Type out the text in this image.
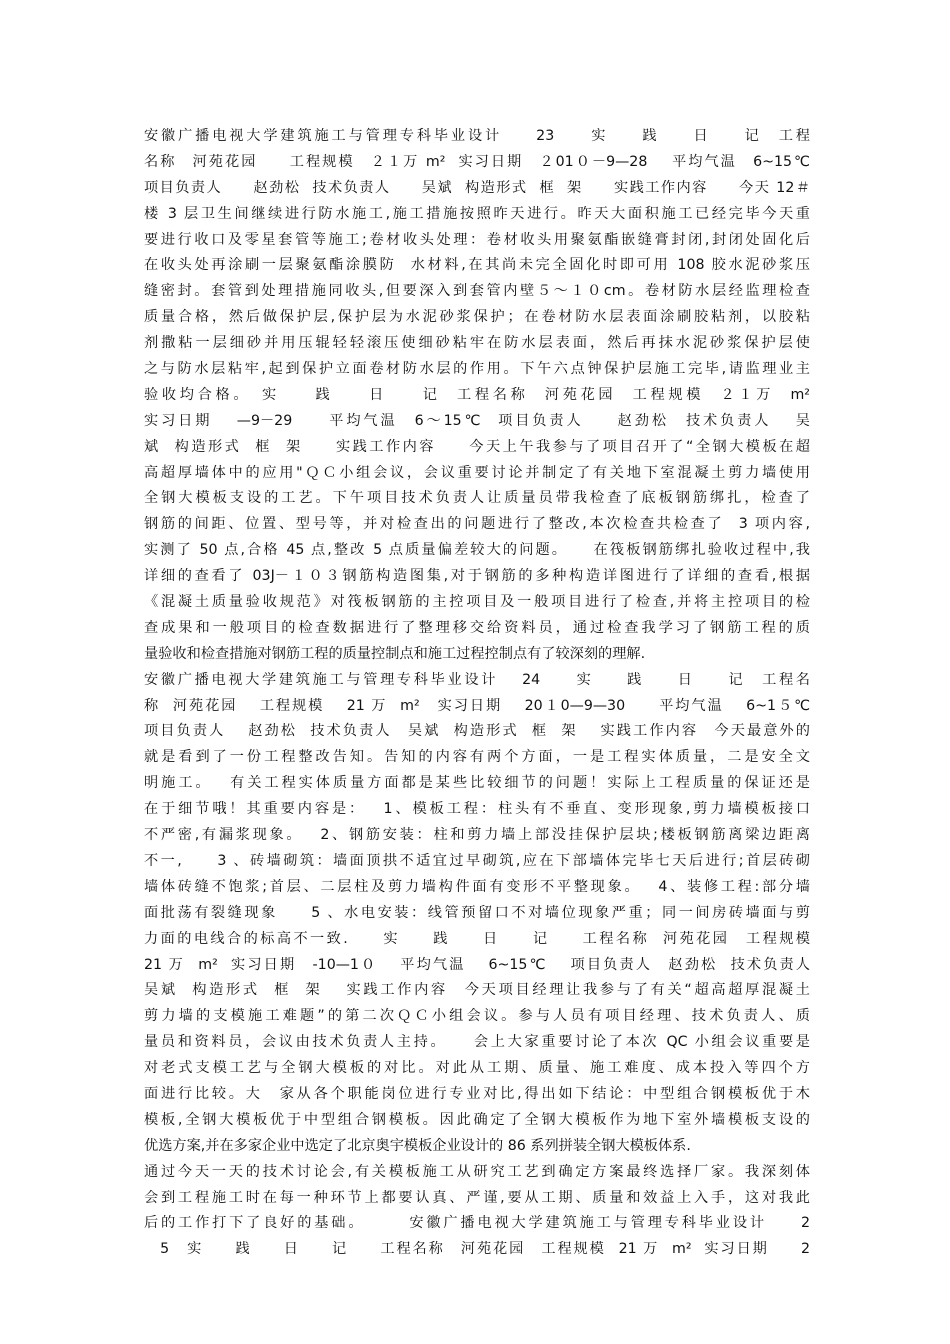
安徽广播电视大学建筑施工与管理专科毕业设计　　23　　实　　践　　日　　记　工程
名称　河苑花园　　工程规模　２１万 m²  实习日期　２01０－9—28　 平均气温　6~15℃
项目负责人　　赵劲松  技术负责人　　吴斌  构造形式  框  架　　实践工作内容　　今天 12＃
楼 3 层卫生间继续进行防水施工,施工措施按照昨天进行。昨天大面积施工已经完毕今天重
要进行收口及零星套管等施工;卷材收头处理：卷材收头用聚氨酯嵌缝膏封闭,封闭处固化后
在收头处再涂刷一层聚氨酯涂膜防  水材料,在其尚未完全固化时即可用 108 胶水泥砂浆压
缝密封。套管到处理措施同收头,但要深入到套管内壁５～１０cm。卷材防水层经监理检查
质量合格，然后做保护层,保护层为水泥砂浆保护；在卷材防水层表面涂刷胶粘剂，以胶粘
剂撒粘一层细砂并用压辊轻轻滚压使细砂粘牢在防水层表面，然后再抹水泥砂浆保护层使
之与防水层粘牢,起到保护立面卷材防水层的作用。下午六点钟保护层施工完毕,请监理业主
验收均合格。　实　　践　　日　　记  工程名称  河苑花园  工程规模  ２１万  m²
实习日期　 —9－29　　平均气温　6～15℃  项目负责人　　赵劲松　技术负责人　 吴
斌  构造形式  框  架　　实践工作内容　　今天上午我参与了项目召开了“全钢大模板在超
高超厚墙体中的应用"ＱＣ小组会议，会议重要讨论并制定了有关地下室混凝土剪力墙使用
全钢大模板支设的工艺。下午项目技术负责人让质量员带我检查了底板钢筋绑扎，检查了
钢筋的间距、位置、型号等，并对检查出的问题进行了整改,本次检查共检查了  3 项内容,
实测了 50 点,合格 45 点,整改 5 点质量偏差较大的问题。　　在筏板钢筋绑扎验收过程中,我
详细的查看了 03J－１０３钢筋构造图集,对于钢筋的多种构造详图进行了详细的查看,根据
《混凝土质量验收规范》对筏板钢筋的主控项目及一般项目进行了检查,并将主控项目的检
查成果和一般项目的检查数据进行了整理移交给资料员，通过检查我学习了钢筋工程的质
量验收和检查措施对钢筋工程的质量控制点和施工过程控制点有了较深刻的理解.
安徽广播电视大学建筑施工与管理专科毕业设计　 24　　实　　践　　日　　记　工程名
称  河苑花园　 工程规模　 21 万  m²　实习日期　 20１0—9—30　　平均气温　 6~1５℃
项目负责人　 赵劲松  技术负责人　吴斌  构造形式  框  架　 实践工作内容　今天最意外的
就是看到了一份工程整改告知。告知的内容有两个方面，一是工程实体质量，二是安全文
明施工。　 有关工程实体质量方面都是某些比较细节的问题！实际上工程质量的保证还是
在于细节哦！其重要内容是：　 1、模板工程：柱头有不垂直、变形现象,剪力墙模板接口
不严密,有漏浆现象。　 2、钢筋安装：柱和剪力墙上部没挂保护层块;楼板钢筋离梁边距离
不一,　　3 、砖墙砌筑：墙面顶拱不适宜过早砌筑,应在下部墙体完毕七天后进行;首层砖砌
墙体砖缝不饱浆;首层、二层柱及剪力墙构件面有变形不平整现象。　 4、装修工程:部分墙
面批荡有裂缝现象　　5 、水电安装：线管预留口不对墙位现象严重；同一间房砖墙面与剪
力面的电线合的标高不一致.　　实　　践　　日　　记　　工程名称  河苑花园　工程规模
21 万  m²  实习日期　-10—1０　 平均气温　 6~15℃　 项目负责人　赵劲松  技术负责人
吴斌  构造形式  框  架　 实践工作内容　今天项目经理让我参与了有关“超高超厚混凝土
剪力墙的支模施工难题”的第二次ＱＣ小组会议。参与人员有项目经理、技术负责人、质
量员和资料员，会议由技术负责人主持。　　会上大家重要讨论了本次 QC 小组会议重要是
对老式支模工艺与全钢大模板的对比。对此从工期、质量、施工难度、成本投入等四个方
面进行比较。大　家从各个职能岗位进行专业对比,得出如下结论：中型组合钢模板优于木
模板,全钢大模板优于中型组合钢模板。因此确定了全钢大模板作为地下室外墙模板支设的
优选方案,并在多家企业中选定了北京奥宇模板企业设计的 86 系列拼装全钢大模板体系.
通过今天一天的技术讨论会,有关模板施工从研究工艺到确定方案最终选择厂家。我深刻体
会到工程施工时在每一种环节上都要认真、严谨,要从工期、质量和效益上入手，这对我此
后的工作打下了良好的基础。　　　安徽广播电视大学建筑施工与管理专科毕业设计　　2
　5　实　　践　　日　　记　　工程名称　河苑花园　工程规模  21 万  m²  实习日期　　2
